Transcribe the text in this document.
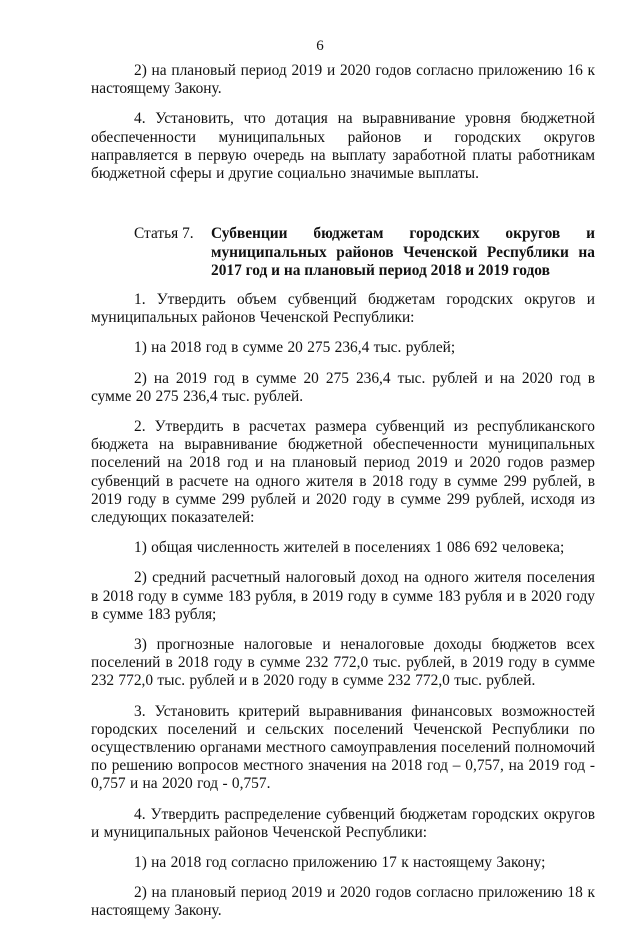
6

2) на плановый период 2019 и 2020 годов согласно приложению 16 к настоящему Закону.

4. Установить, что дотация на выравнивание уровня бюджетной обеспеченности муниципальных районов и городских округов направляется в первую очередь на выплату заработной платы работникам бюджетной сферы и другие социально значимые выплаты.

Статья 7. Субвенции бюджетам городских округов и муниципальных районов Чеченской Республики на 2017 год и на плановый период 2018 и 2019 годов

1. Утвердить объем субвенций бюджетам городских округов и муниципальных районов Чеченской Республики:

1) на 2018 год в сумме 20 275 236,4 тыс. рублей;

2) на 2019 год в сумме 20 275 236,4 тыс. рублей и на 2020 год в сумме 20 275 236,4 тыс. рублей.

2. Утвердить в расчетах размера субвенций из республиканского бюджета на выравнивание бюджетной обеспеченности муниципальных поселений на 2018 год и на плановый период 2019 и 2020 годов размер субвенций в расчете на одного жителя в 2018 году в сумме 299 рублей, в 2019 году в сумме 299 рублей и 2020 году в сумме 299 рублей, исходя из следующих показателей:

1) общая численность жителей в поселениях 1 086 692 человека;

2) средний расчетный налоговый доход на одного жителя поселения в 2018 году в сумме 183 рубля, в 2019 году в сумме 183 рубля и в 2020 году в сумме 183 рубля;

3) прогнозные налоговые и неналоговые доходы бюджетов всех поселений в 2018 году в сумме 232 772,0 тыс. рублей, в 2019 году в сумме 232 772,0 тыс. рублей и в 2020 году в сумме 232 772,0 тыс. рублей.

3. Установить критерий выравнивания финансовых возможностей городских поселений и сельских поселений Чеченской Республики по осуществлению органами местного самоуправления поселений полномочий по решению вопросов местного значения на 2018 год – 0,757, на 2019 год - 0,757 и на 2020 год - 0,757.

4. Утвердить распределение субвенций бюджетам городских округов и муниципальных районов Чеченской Республики:

1) на 2018 год согласно приложению 17 к настоящему Закону;

2) на плановый период 2019 и 2020 годов согласно приложению 18 к настоящему Закону.
